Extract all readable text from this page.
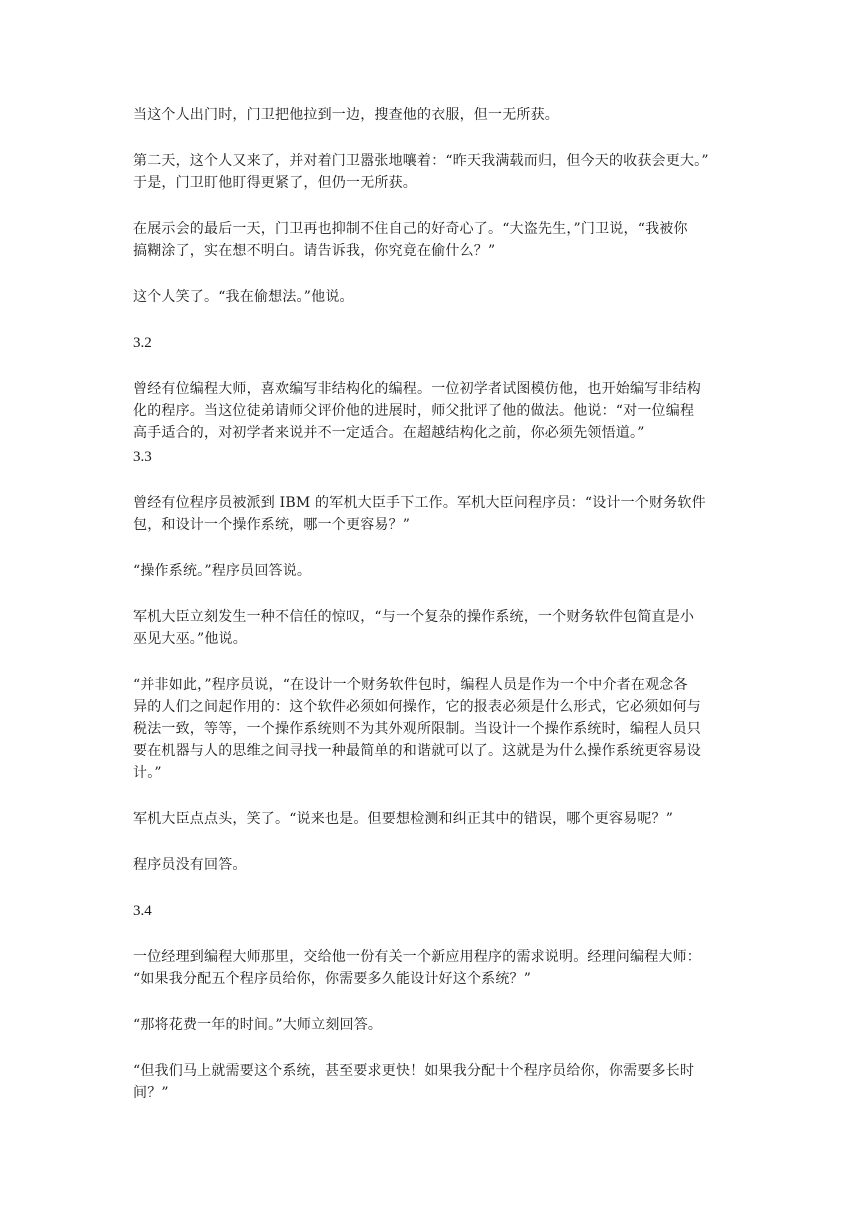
当这个人出门时，门卫把他拉到一边，搜查他的衣服，但一无所获。
第二天，这个人又来了，并对着门卫嚣张地嚷着：“昨天我满载而归，但今天的收获会更大。”
于是，门卫盯他盯得更紧了，但仍一无所获。
在展示会的最后一天，门卫再也抑制不住自己的好奇心了。“大盗先生，”门卫说，“我被你
搞糊涂了，实在想不明白。请告诉我，你究竟在偷什么？”
这个人笑了。“我在偷想法。”他说。
3.2
曾经有位编程大师，喜欢编写非结构化的编程。一位初学者试图模仿他，也开始编写非结构
化的程序。当这位徒弟请师父评价他的进展时，师父批评了他的做法。他说：“对一位编程
高手适合的，对初学者来说并不一定适合。在超越结构化之前，你必须先领悟道。”
3.3
曾经有位程序员被派到 IBM 的军机大臣手下工作。军机大臣问程序员：“设计一个财务软件
包，和设计一个操作系统，哪一个更容易？”
“操作系统。”程序员回答说。
军机大臣立刻发生一种不信任的惊叹，“与一个复杂的操作系统，一个财务软件包简直是小
巫见大巫。”他说。
“并非如此，”程序员说，“在设计一个财务软件包时，编程人员是作为一个中介者在观念各
异的人们之间起作用的：这个软件必须如何操作，它的报表必须是什么形式，它必须如何与
税法一致，等等，一个操作系统则不为其外观所限制。当设计一个操作系统时，编程人员只
要在机器与人的思维之间寻找一种最简单的和谐就可以了。这就是为什么操作系统更容易设
计。”
军机大臣点点头，笑了。“说来也是。但要想检测和纠正其中的错误，哪个更容易呢？”
程序员没有回答。
3.4
一位经理到编程大师那里，交给他一份有关一个新应用程序的需求说明。经理问编程大师：
“如果我分配五个程序员给你，你需要多久能设计好这个系统？”
“那将花费一年的时间。”大师立刻回答。
“但我们马上就需要这个系统，甚至要求更快！如果我分配十个程序员给你，你需要多长时
间？”
